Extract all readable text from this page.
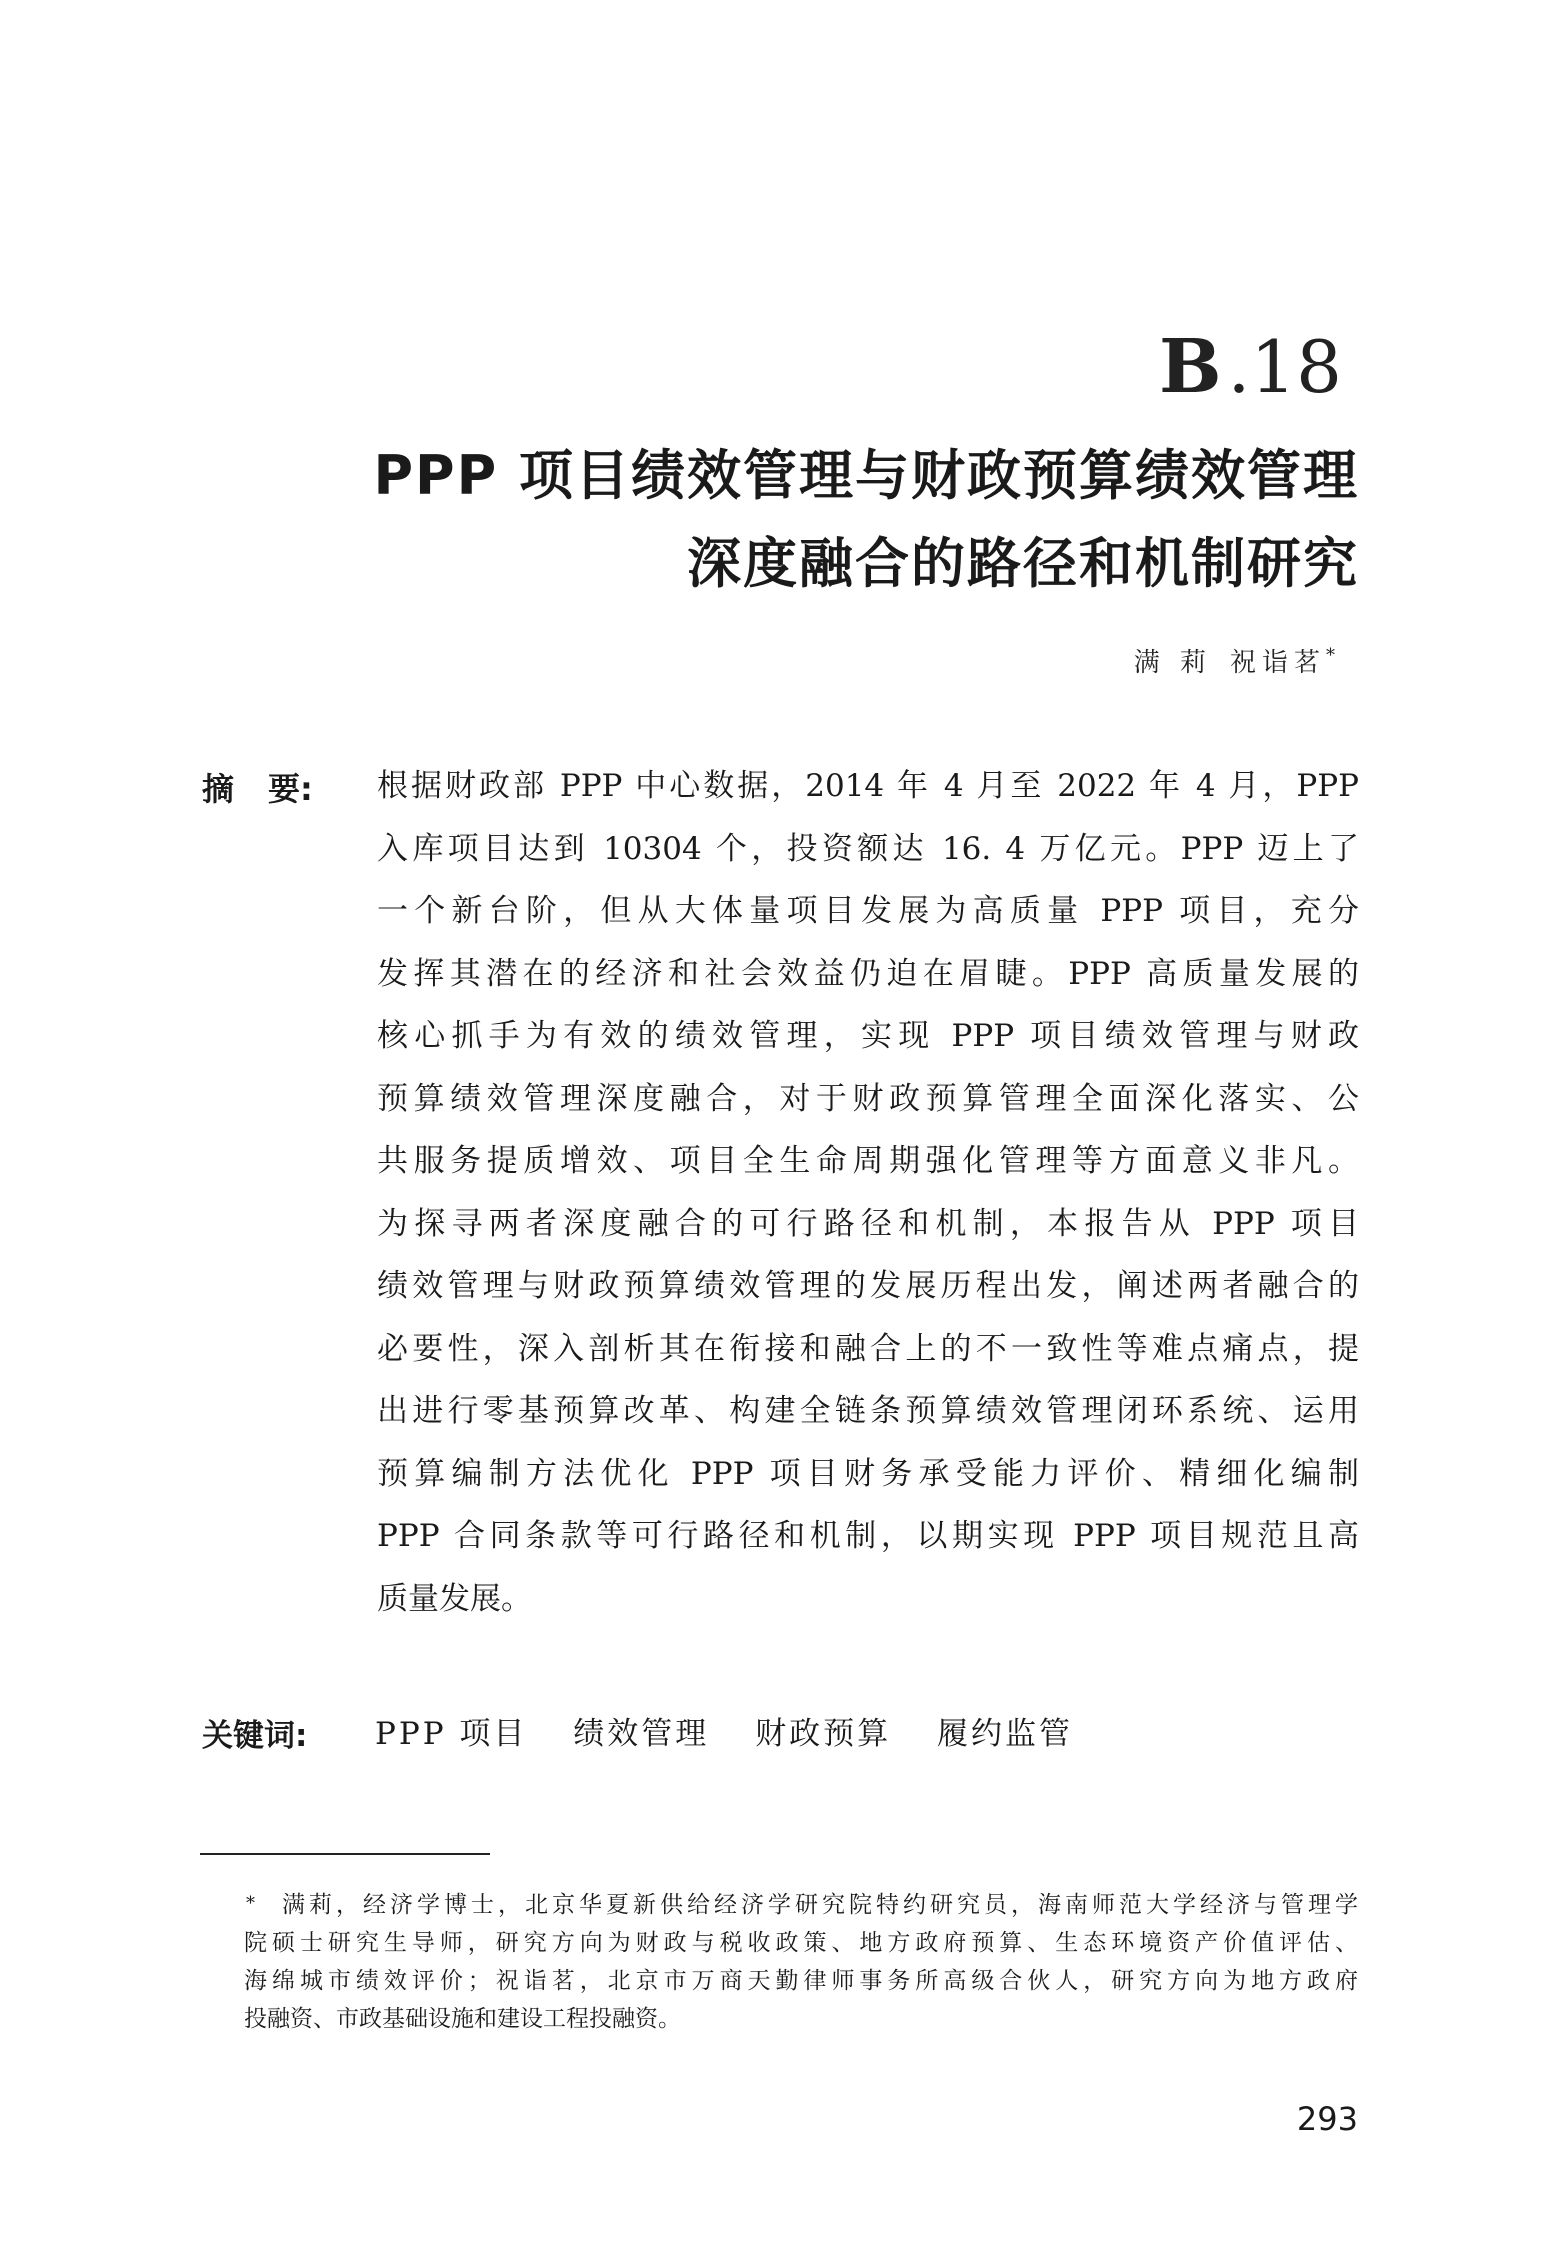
B.18
PPP 项目绩效管理与财政预算绩效管理
深度融合的路径和机制研究
满 莉 祝诣茗*
摘 要: 根据财政部 PPP 中心数据，2014 年 4 月至 2022 年 4 月，PPP
入库项目达到 10304 个，投资额达 16. 4 万亿元。PPP 迈上了
一个新台阶，但从大体量项目发展为高质量 PPP 项目，充分
发挥其潜在的经济和社会效益仍迫在眉睫。PPP 高质量发展的
核心抓手为有效的绩效管理，实现 PPP 项目绩效管理与财政
预算绩效管理深度融合，对于财政预算管理全面深化落实、公
共服务提质增效、项目全生命周期强化管理等方面意义非凡。
为探寻两者深度融合的可行路径和机制，本报告从 PPP 项目
绩效管理与财政预算绩效管理的发展历程出发，阐述两者融合的
必要性，深入剖析其在衔接和融合上的不一致性等难点痛点，提
出进行零基预算改革、构建全链条预算绩效管理闭环系统、运用
预算编制方法优化 PPP 项目财务承受能力评价、精细化编制
PPP 合同条款等可行路径和机制，以期实现 PPP 项目规范且高
质量发展。
关键词: PPP 项目 绩效管理 财政预算 履约监管
*	满莉，经济学博士，北京华夏新供给经济学研究院特约研究员，海南师范大学经济与管理学
院硕士研究生导师，研究方向为财政与税收政策、地方政府预算、生态环境资产价值评估、
海绵城市绩效评价；祝诣茗，北京市万商天勤律师事务所高级合伙人，研究方向为地方政府
投融资、市政基础设施和建设工程投融资。
293
